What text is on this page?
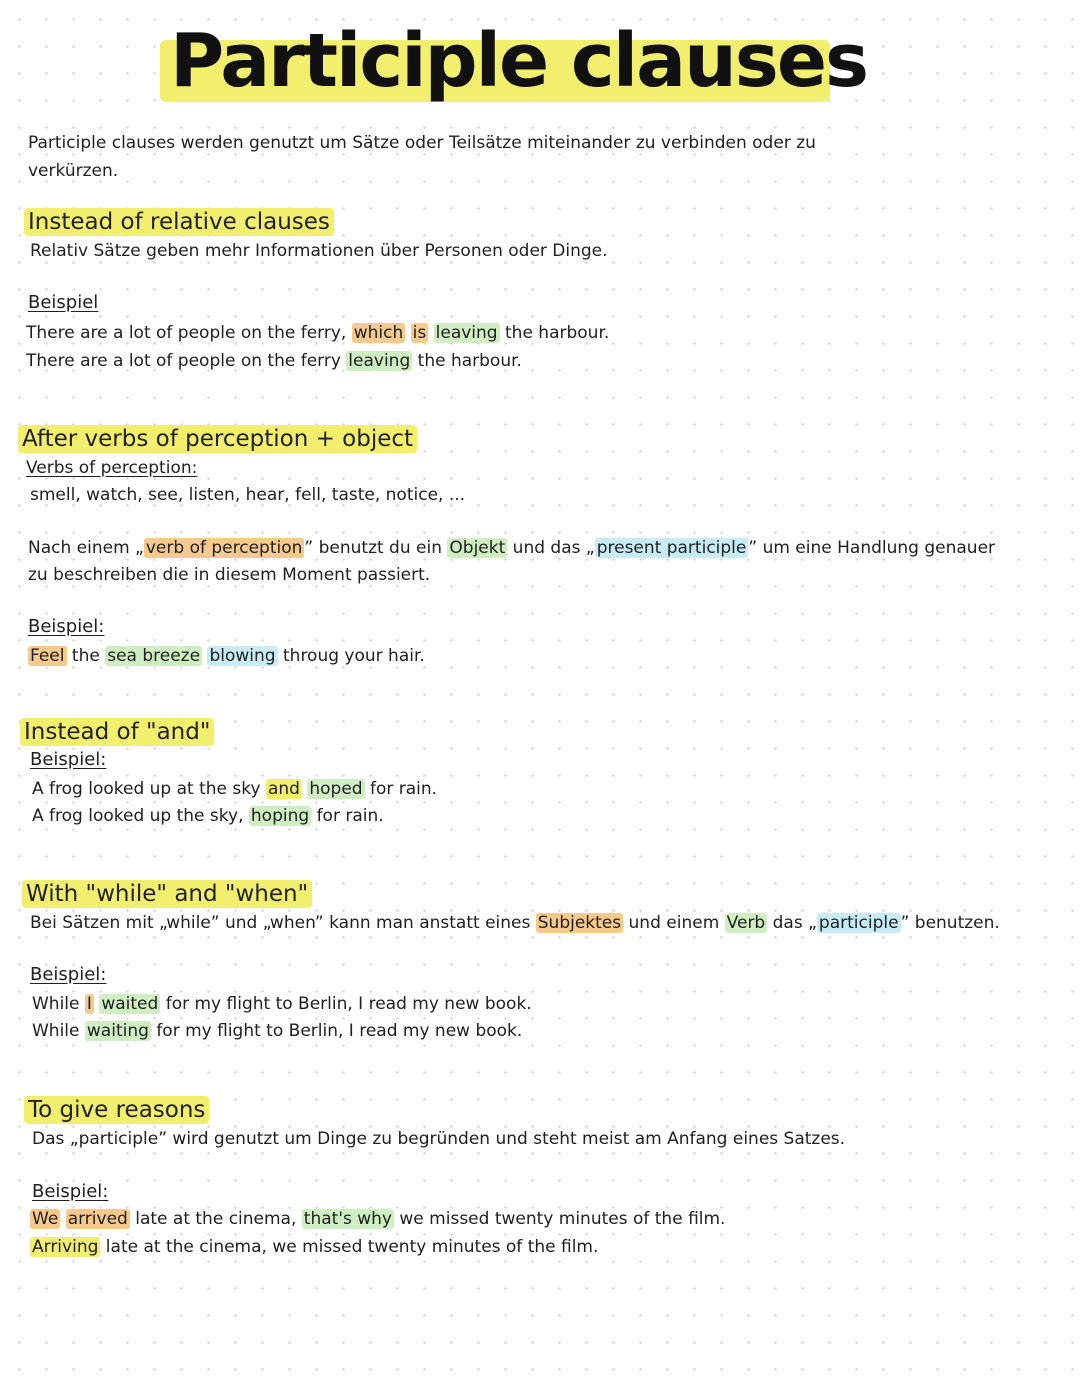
Participle clauses
Participle clauses werden genutzt um Sätze oder Teilsätze miteinander zu verbinden oder zu
verkürzen.
Instead of relative clauses
Relativ Sätze geben mehr Informationen über Personen oder Dinge.
Beispiel
There are a lot of people on the ferry, which is leaving the harbour.
There are a lot of people on the ferry leaving the harbour.
After verbs of perception + object
Verbs of perception:
smell, watch, see, listen, hear, fell, taste, notice, ...
Nach einem „ verb of perception ” benutzt du ein Objekt und das „ present participle ” um eine Handlung genauer
zu beschreiben die in diesem Moment passiert.
Beispiel:
Feel the sea breeze blowing throug your hair.
Instead of "and"
Beispiel:
A frog looked up at the sky and hoped for rain.
A frog looked up the sky, hoping for rain.
With "while" and "when"
Bei Sätzen mit „while” und „when” kann man anstatt eines Subjektes und einem Verb das „ participle ” benutzen.
Beispiel:
While I waited for my flight to Berlin, I read my new book.
While waiting for my flight to Berlin, I read my new book.
To give reasons
Das „participle” wird genutzt um Dinge zu begründen und steht meist am Anfang eines Satzes.
Beispiel:
We arrived late at the cinema, that's why we missed twenty minutes of the film.
Arriving late at the cinema, we missed twenty minutes of the film.
